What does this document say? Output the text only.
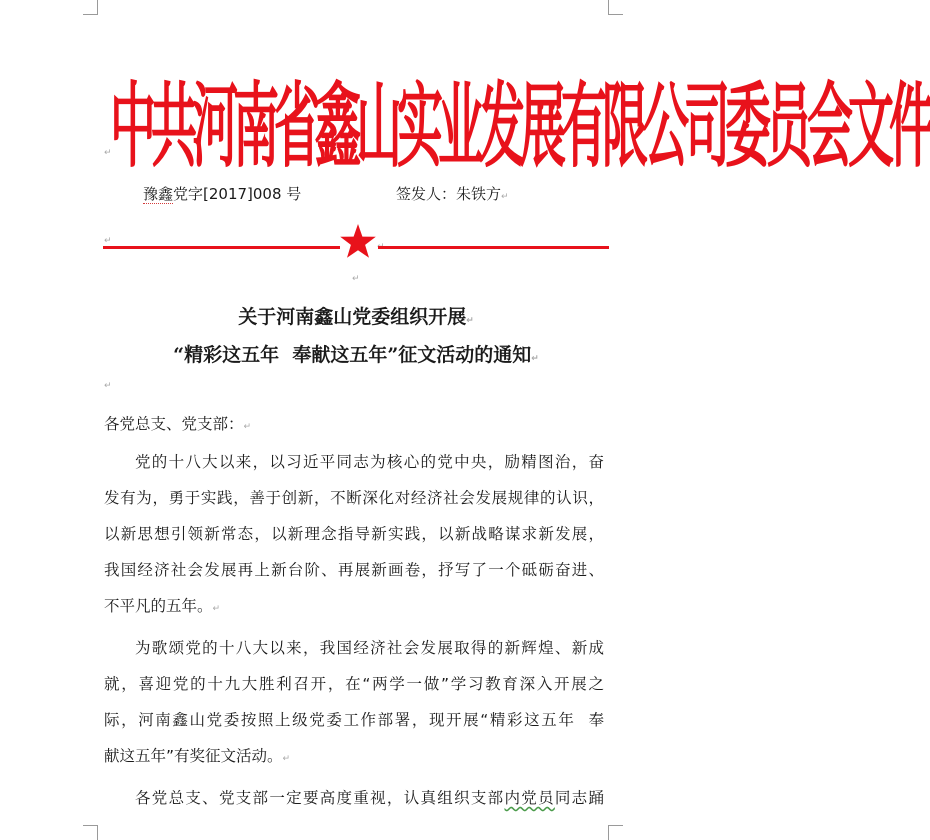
中共河南省鑫山实业发展有限公司委员会文件
↵
豫鑫党字[2017]008 号	签发人：朱铁方↵
↵
↵
关于河南鑫山党委组织开展↵
“精彩这五年  奉献这五年”征文活动的通知↵
↵
各党总支、党支部：↵
党的十八大以来，以习近平同志为核心的党中央，励精图治，奋
发有为，勇于实践，善于创新，不断深化对经济社会发展规律的认识，
以新思想引领新常态，以新理念指导新实践，以新战略谋求新发展，
我国经济社会发展再上新台阶、再展新画卷，抒写了一个砥砺奋进、
不平凡的五年。↵
为歌颂党的十八大以来，我国经济社会发展取得的新辉煌、新成
就，喜迎党的十九大胜利召开，在“两学一做”学习教育深入开展之
际，河南鑫山党委按照上级党委工作部署，现开展“精彩这五年  奉
献这五年”有奖征文活动。↵
各党总支、党支部一定要高度重视，认真组织支部内党员同志踊
